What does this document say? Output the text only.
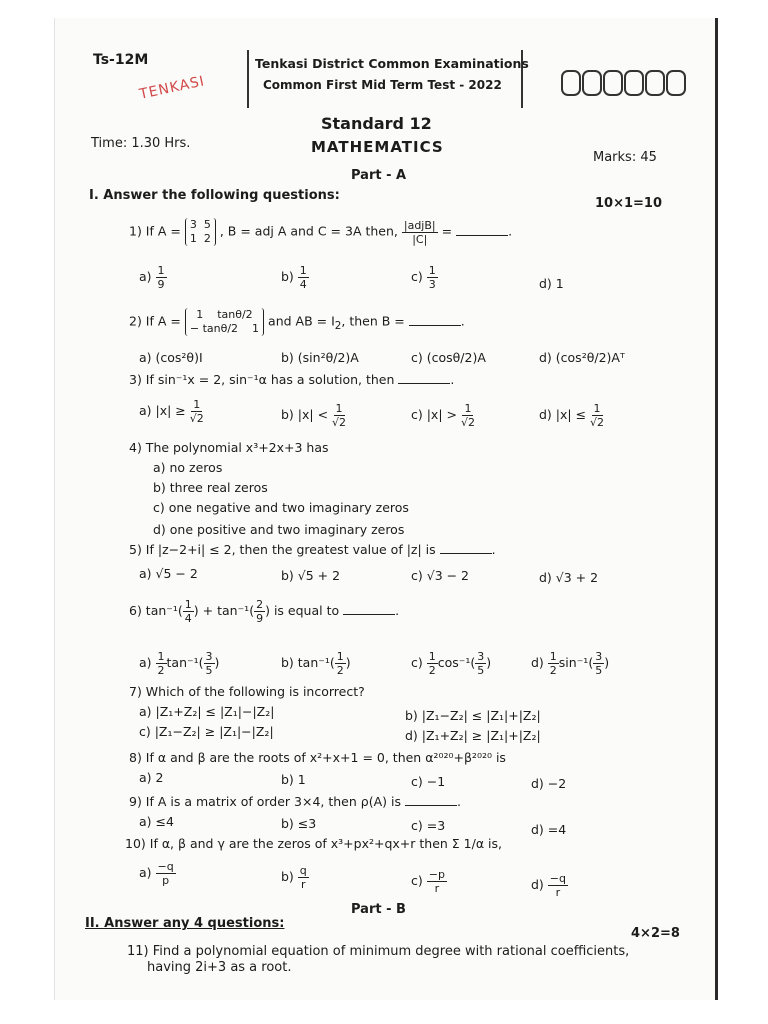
Ts-12M
TENKASI
Tenkasi District Common Examinations
Common First Mid Term Test - 2022
Standard 12
MATHEMATICS
Time: 1.30 Hrs.
Marks: 45
Part - A
I. Answer the following questions:
10×1=10
1) If A = 3 5
1 2 , B = adj A and C = 3A then, $\frac{\text{|adjB|}}{|C|}$ =	.
$a) \frac{1}{9}$	$b) \frac{1}{4}$	$c) \frac{1}{3}$	d) 1
2) If A =	1 tanθ/2
− tanθ/2 1 and AB = $I_2$, then B =	.
a) (cos²θ)I	b) (sin²θ/2)A	c) (cosθ/2)A	d) (cos²θ/2)Aᵀ
3) If sin⁻¹x = 2, sin⁻¹α has a solution, then	.
a) $|x| \ge \frac{1}{√2}$	b) $|x| < \frac{1}{√2}$	c) $|x| > \frac{1}{√2}$	d) $|x| \le \frac{1}{√2}$
4) The polynomial x³+2x+3 has
a) no zeros
b) three real zeros
c) one negative and two imaginary zeros
d) one positive and two imaginary zeros
5) If |z−2+i| ≤ 2, then the greatest value of |z| is	.
a) √5 − 2	b) √5 + 2	c) √3 − 2	d) √3 + 2
6) $\tan^{-1}( \frac{1}{4}$ ) + $\tan^{-1}( \frac{2}{9}$ ) is equal to	.
$a) \frac{1}{2} \tan^{-1}( \frac{3}{5}$ )	b) $\tan^{-1}( \frac{1}{2}$ )	$c) \frac{1}{2} \cos^{-1}( \frac{3}{5}$ )	$d) \frac{1}{2} \sin^{-1}( \frac{3}{5}$ )
7) Which of the following is incorrect?
a) |Z₁+Z₂| ≤ |Z₁|−|Z₂|	b) |Z₁−Z₂| ≤ |Z₁|+|Z₂|
c) |Z₁−Z₂| ≥ |Z₁|−|Z₂|	d) |Z₁+Z₂| ≥ |Z₁|+|Z₂|
8) If α and β are the roots of x²+x+1 = 0, then α²⁰²⁰+β²⁰²⁰ is
a) 2	b) 1	c) −1	d) −2
9) If A is a matrix of order 3×4, then ρ(A) is	.
a) ≤4	b) ≤3	c) =3	d) =4
10) If α, β and γ are the zeros of x³+px²+qx+r then Σ 1/α is,
$a) \frac{-q}{p}$	$b) \frac{q}{r}$	$c) \frac{-p}{r}$	$d) \frac{-q}{r}$
Part - B
II. Answer any 4 questions:
4×2=8
11) Find a polynomial equation of minimum degree with rational coefficients,
having 2i+3 as a root.
